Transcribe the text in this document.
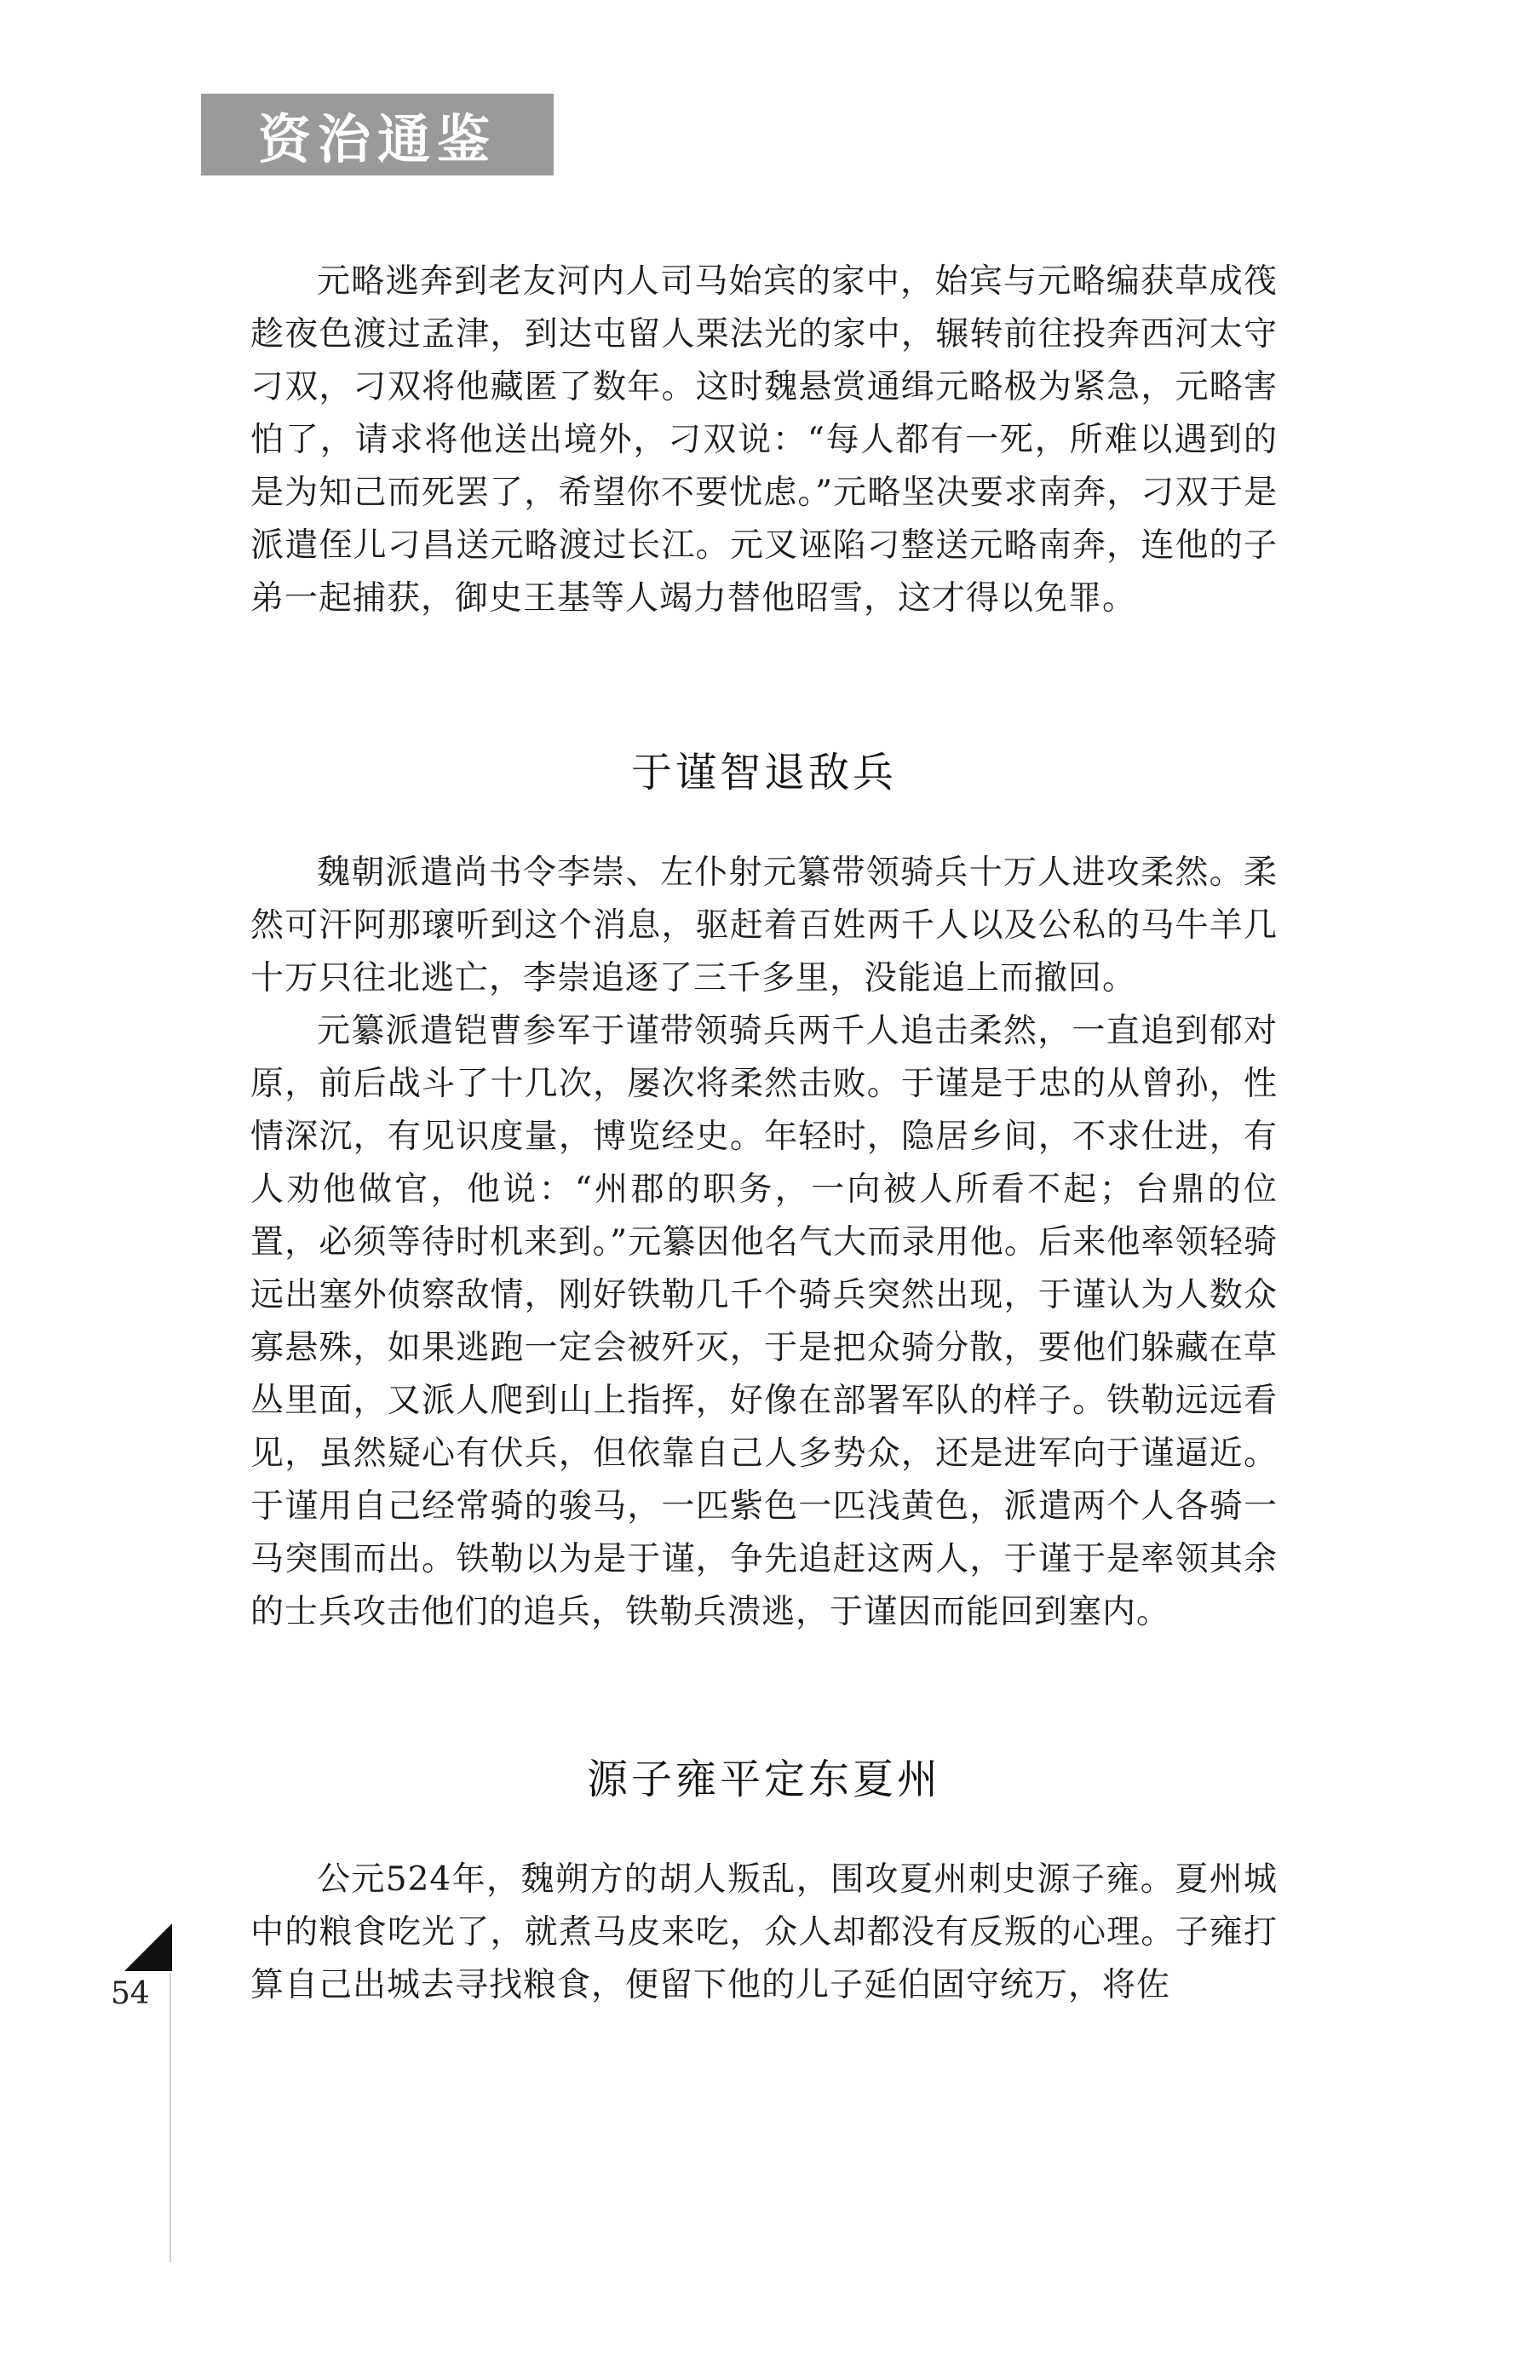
资治通鉴

元略逃奔到老友河内人司马始宾的家中，始宾与元略编获草成筏趁夜色渡过孟津，到达屯留人栗法光的家中，辗转前往投奔西河太守刁双，刁双将他藏匿了数年。这时魏悬赏通缉元略极为紧急，元略害怕了，请求将他送出境外，刁双说：“每人都有一死，所难以遇到的是为知己而死罢了，希望你不要忧虑。”元略坚决要求南奔，刁双于是派遣侄儿刁昌送元略渡过长江。元叉诬陷刁整送元略南奔，连他的子弟一起捕获，御史王基等人竭力替他昭雪，这才得以免罪。

于谨智退敌兵

魏朝派遣尚书令李崇、左仆射元纂带领骑兵十万人进攻柔然。柔然可汗阿那瓌听到这个消息，驱赶着百姓两千人以及公私的马牛羊几十万只往北逃亡，李崇追逐了三千多里，没能追上而撤回。

元纂派遣铠曹参军于谨带领骑兵两千人追击柔然，一直追到郁对原，前后战斗了十几次，屡次将柔然击败。于谨是于忠的从曾孙，性情深沉，有见识度量，博览经史。年轻时，隐居乡间，不求仕进，有人劝他做官，他说：“州郡的职务，一向被人所看不起；台鼎的位置，必须等待时机来到。”元纂因他名气大而录用他。后来他率领轻骑远出塞外侦察敌情，刚好铁勒几千个骑兵突然出现，于谨认为人数众寡悬殊，如果逃跑一定会被歼灭，于是把众骑分散，要他们躲藏在草丛里面，又派人爬到山上指挥，好像在部署军队的样子。铁勒远远看见，虽然疑心有伏兵，但依靠自己人多势众，还是进军向于谨逼近。于谨用自己经常骑的骏马，一匹紫色一匹浅黄色，派遣两个人各骑一马突围而出。铁勒以为是于谨，争先追赶这两人，于谨于是率领其余的士兵攻击他们的追兵，铁勒兵溃逃，于谨因而能回到塞内。

源子雍平定东夏州

公元524年，魏朔方的胡人叛乱，围攻夏州刺史源子雍。夏州城中的粮食吃光了，就煮马皮来吃，众人却都没有反叛的心理。子雍打算自己出城去寻找粮食，便留下他的儿子延伯固守统万，将佐

54
